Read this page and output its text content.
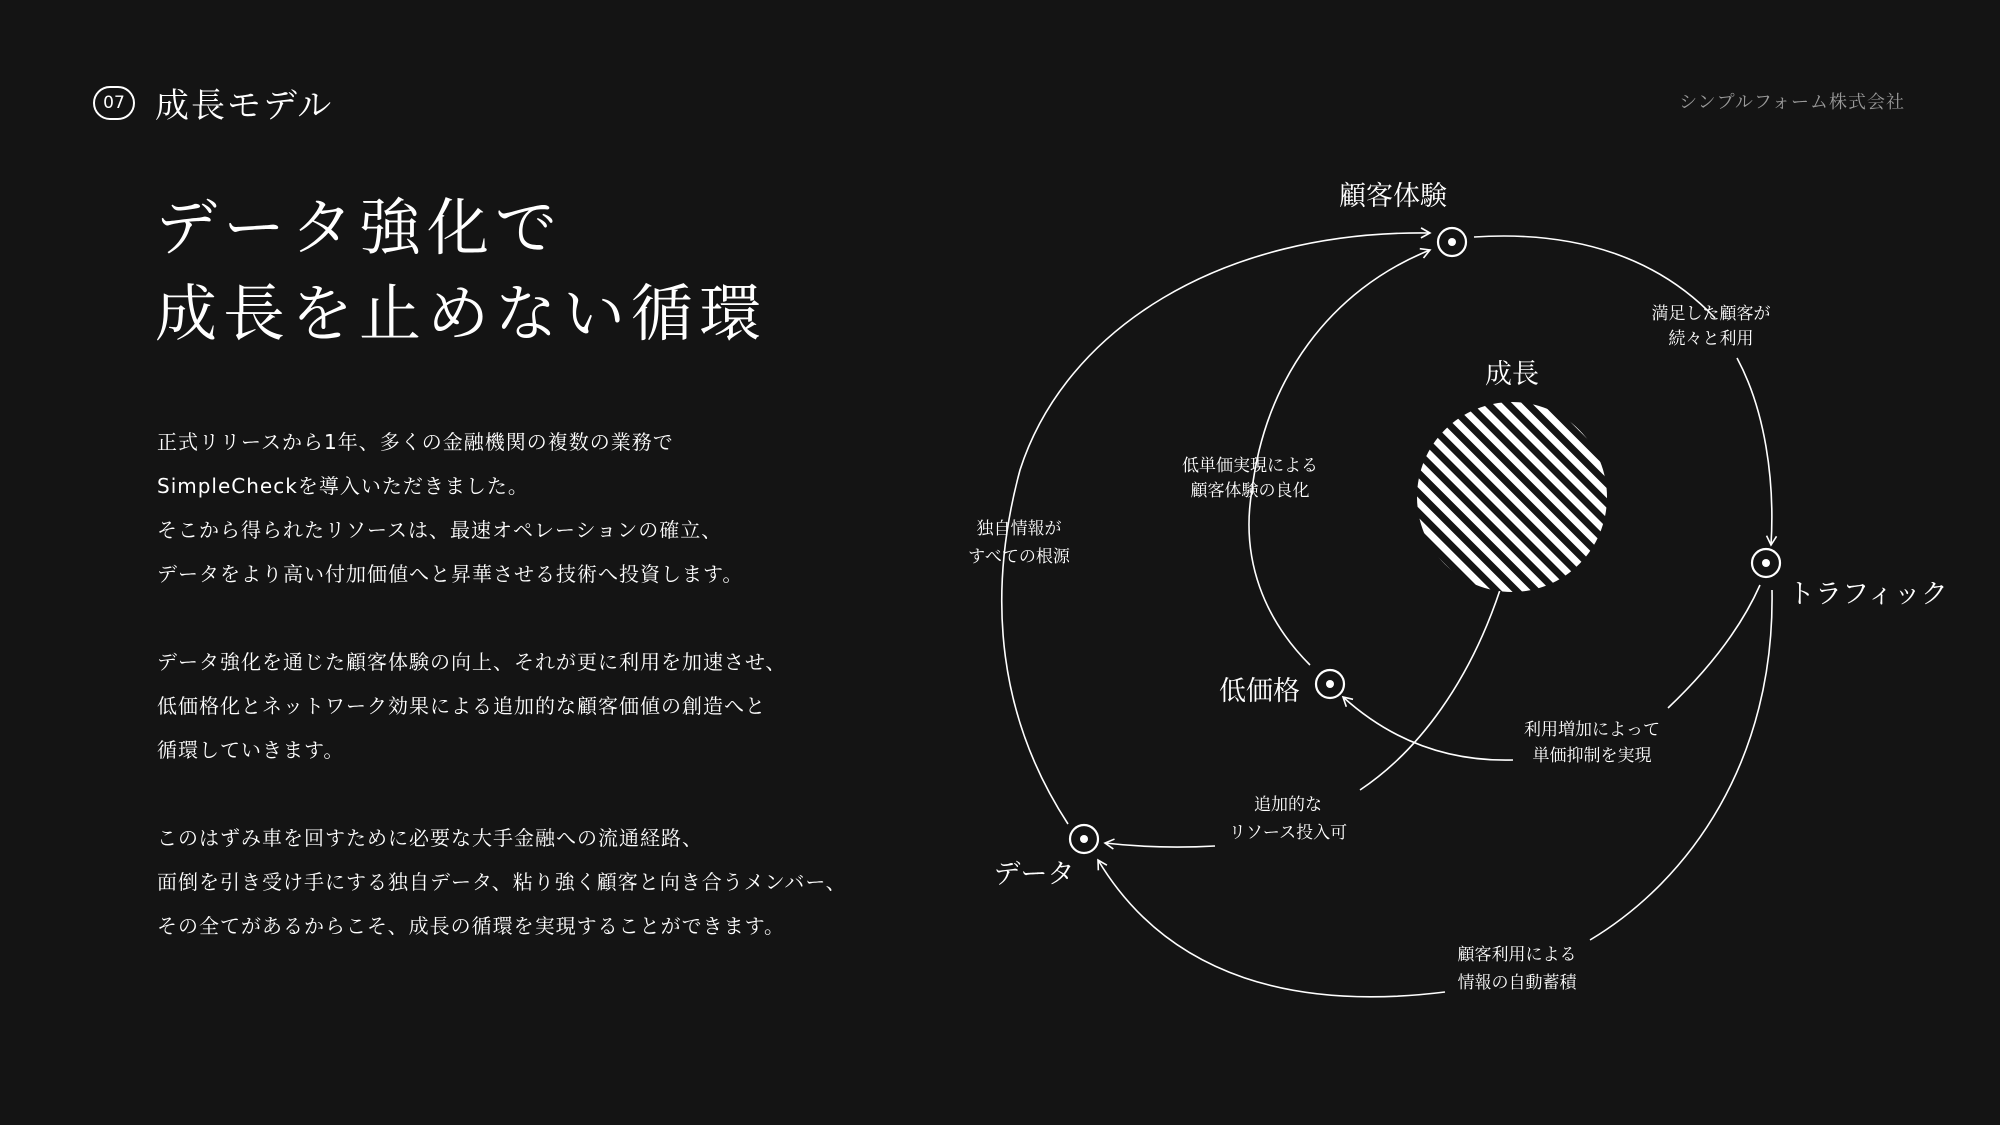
07 成長モデル	シンプルフォーム株式会社
データ強化で
成長を止めない循環
正式リリースから1年、多くの金融機関の複数の業務で
SimpleCheckを導入いただきました。
そこから得られたリソースは、最速オペレーションの確立、
データをより高い付加価値へと昇華させる技術へ投資します。
データ強化を通じた顧客体験の向上、それが更に利用を加速させ、
低価格化とネットワーク効果による追加的な顧客価値の創造へと
循環していきます。
このはずみ車を回すために必要な大手金融への流通経路、
面倒を引き受け手にする独自データ、粘り強く顧客と向き合うメンバー、
その全てがあるからこそ、成長の循環を実現することができます。
成長
顧客体験
トラフィック
低価格
データ
満足した顧客が
続々と利用
利用増加によって
単価抑制を実現
低単価実現による
顧客体験の良化
独自情報が
すべての根源
追加的な
リソース投入可
顧客利用による
情報の自動蓄積
